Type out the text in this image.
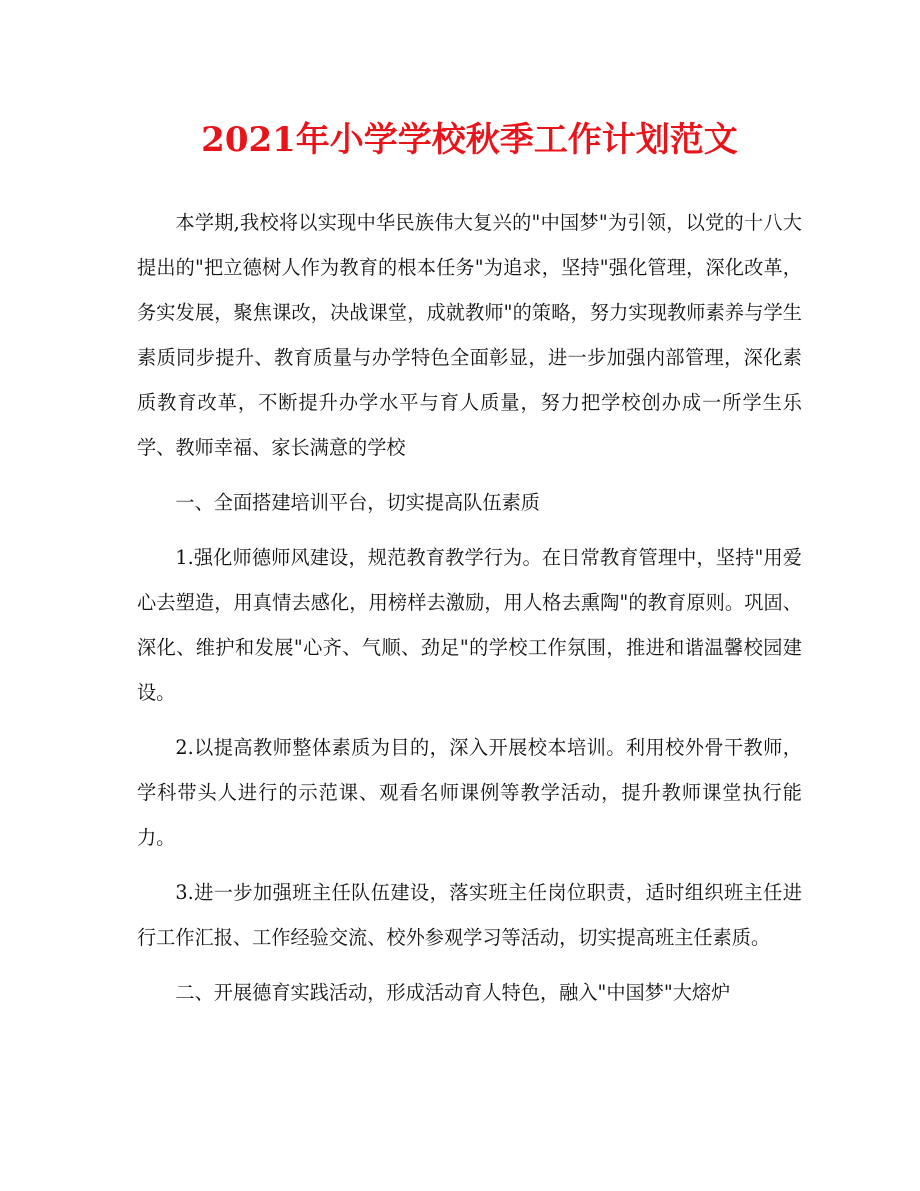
2021年小学学校秋季工作计划范文

本学期,我校将以实现中华民族伟大复兴的"中国梦"为引领，以党的十八大提出的"把立德树人作为教育的根本任务"为追求，坚持"强化管理，深化改革，务实发展，聚焦课改，决战课堂，成就教师"的策略，努力实现教师素养与学生素质同步提升、教育质量与办学特色全面彰显，进一步加强内部管理，深化素质教育改革，不断提升办学水平与育人质量，努力把学校创办成一所学生乐学、教师幸福、家长满意的学校

一、全面搭建培训平台，切实提高队伍素质

1.强化师德师风建设，规范教育教学行为。在日常教育管理中，坚持"用爱心去塑造，用真情去感化，用榜样去激励，用人格去熏陶"的教育原则。巩固、深化、维护和发展"心齐、气顺、劲足"的学校工作氛围，推进和谐温馨校园建设。

2.以提高教师整体素质为目的，深入开展校本培训。利用校外骨干教师，学科带头人进行的示范课、观看名师课例等教学活动，提升教师课堂执行能力。

3.进一步加强班主任队伍建设，落实班主任岗位职责，适时组织班主任进行工作汇报、工作经验交流、校外参观学习等活动，切实提高班主任素质。

二、开展德育实践活动，形成活动育人特色，融入"中国梦"大熔炉
